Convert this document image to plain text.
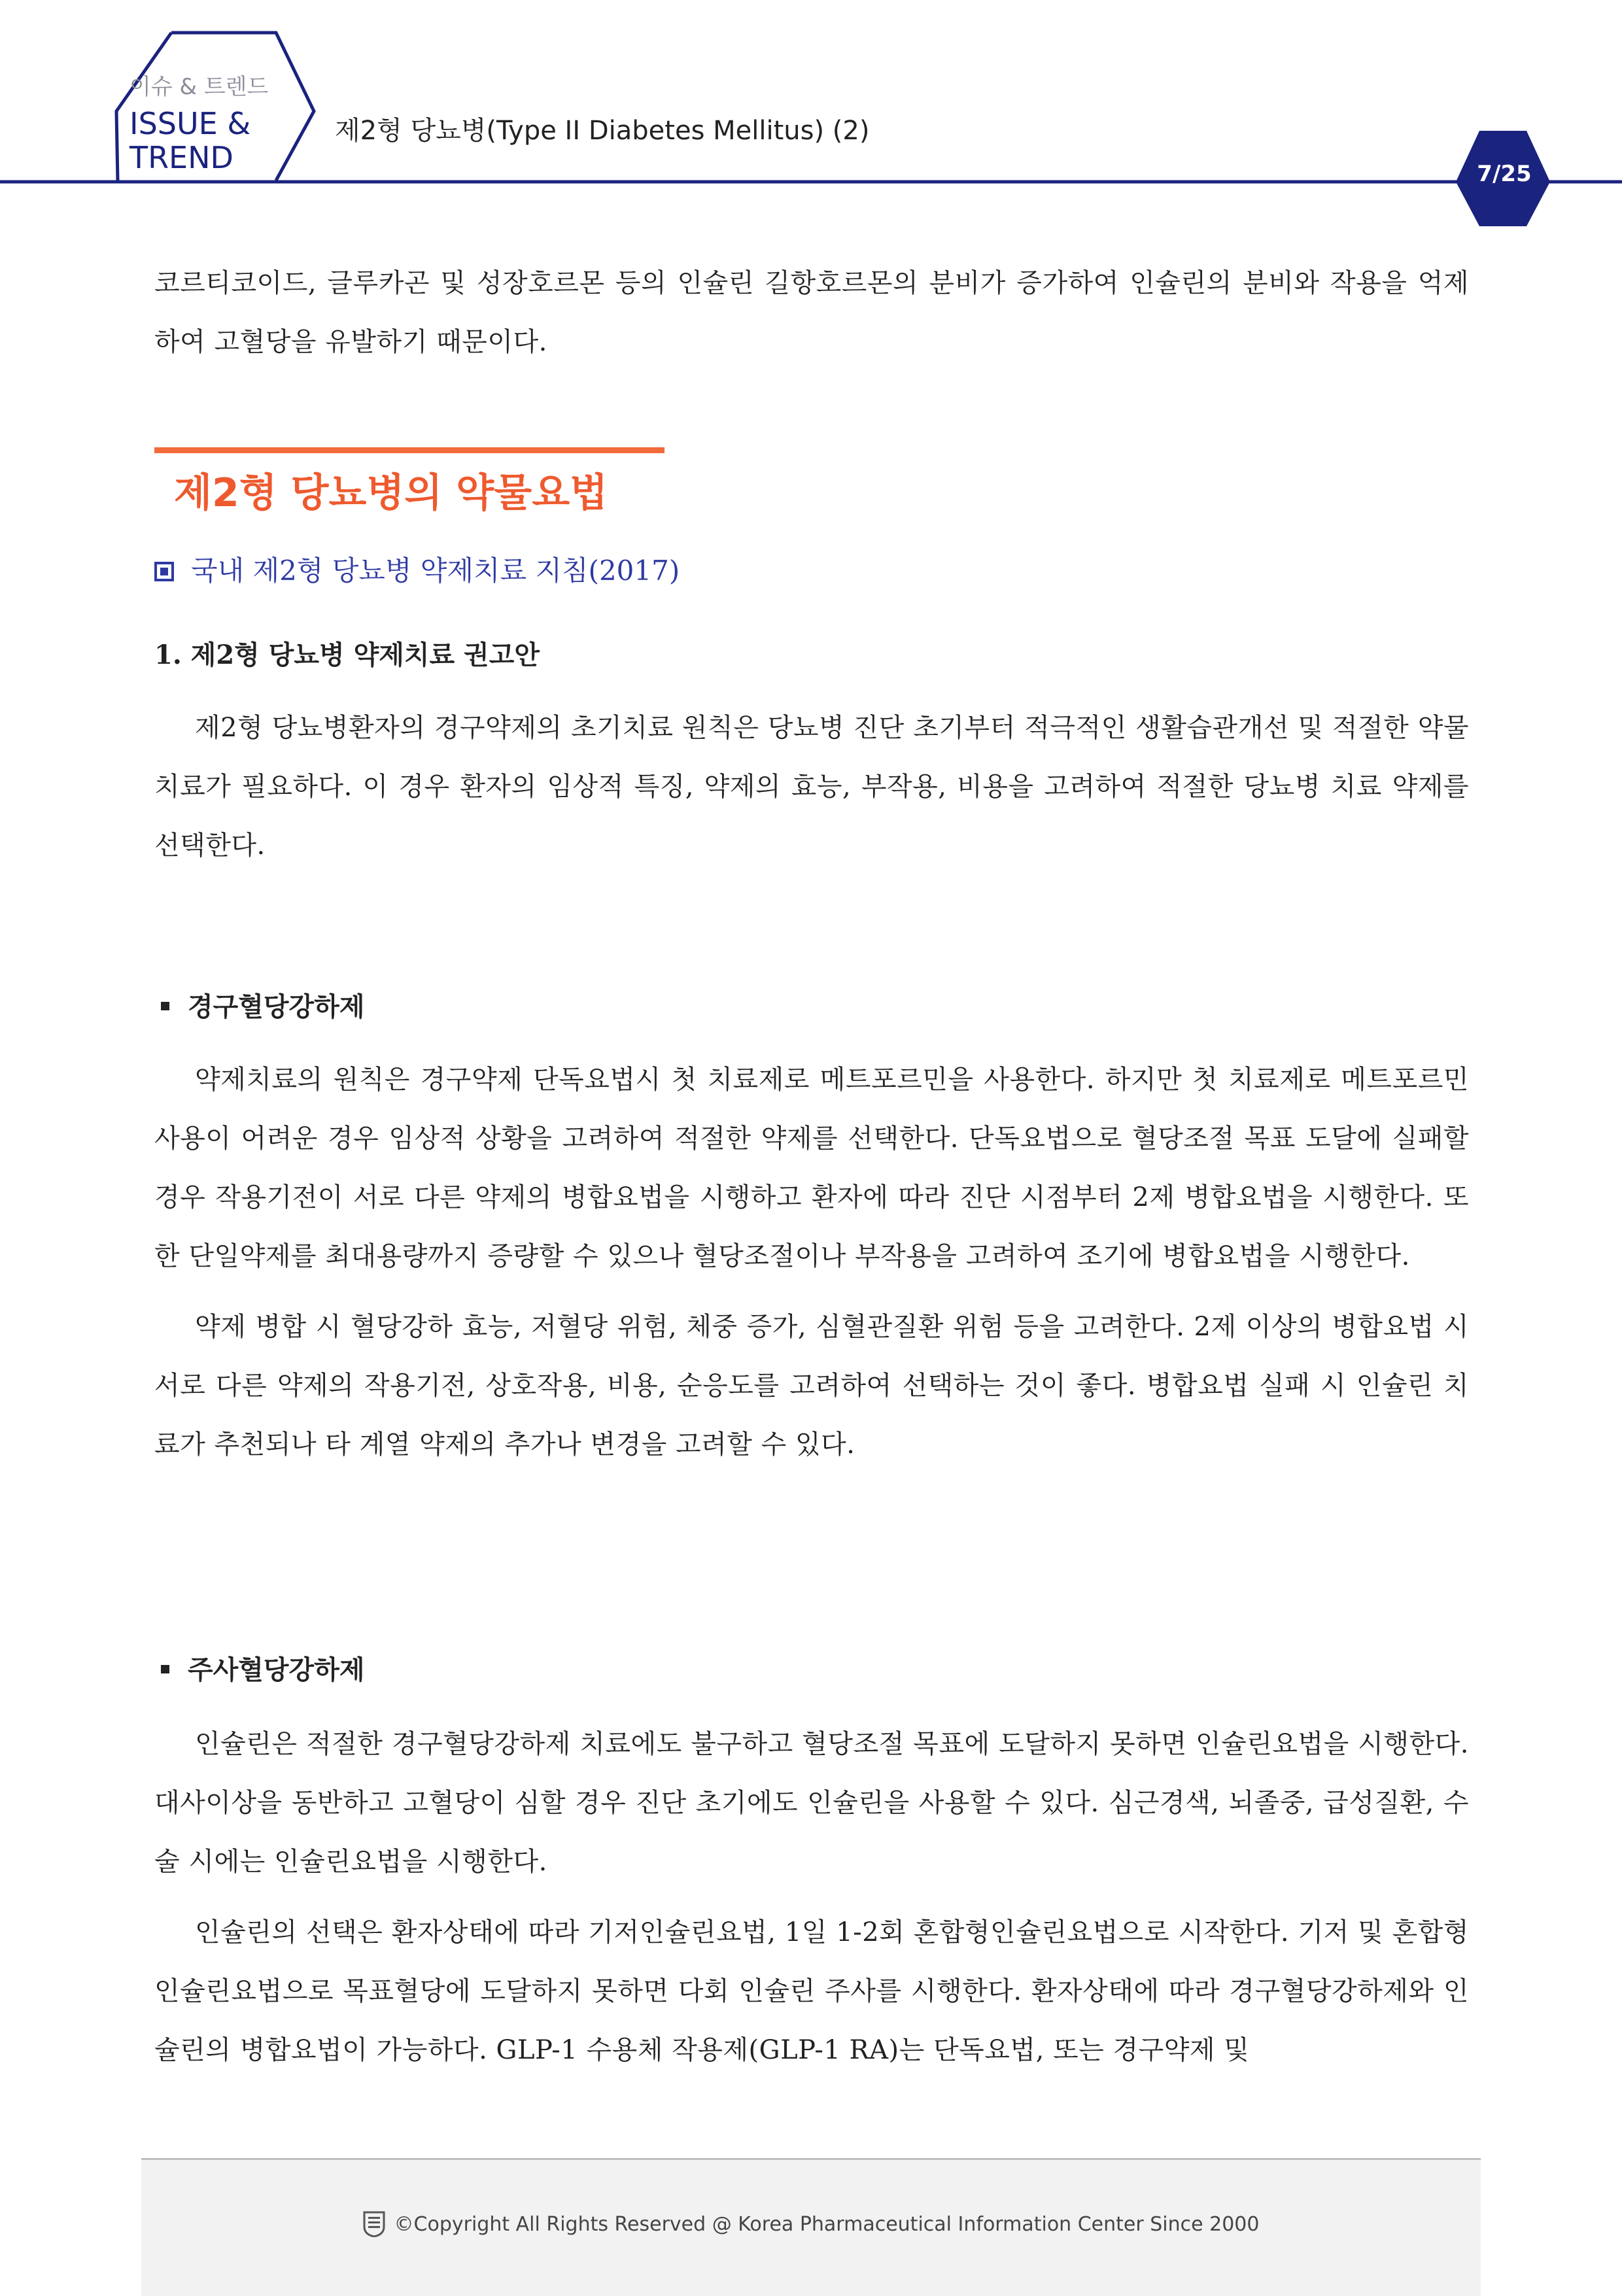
이슈 & 트렌드
ISSUE &
TREND
제2형 당뇨병(Type II Diabetes Mellitus) (2)
7/25

코르티코이드, 글루카곤 및 성장호르몬 등의 인슐린 길항호르몬의 분비가 증가하여 인슐린의 분비와 작용을 억제하여 고혈당을 유발하기 때문이다.

제2형 당뇨병의 약물요법
국내 제2형 당뇨병 약제치료 지침(2017)
1. 제2형 당뇨병 약제치료 권고안

제2형 당뇨병환자의 경구약제의 초기치료 원칙은 당뇨병 진단 초기부터 적극적인 생활습관개선 및 적절한 약물치료가 필요하다. 이 경우 환자의 임상적 특징, 약제의 효능, 부작용, 비용을 고려하여 적절한 당뇨병 치료 약제를 선택한다.

경구혈당강하제

약제치료의 원칙은 경구약제 단독요법시 첫 치료제로 메트포르민을 사용한다. 하지만 첫 치료제로 메트포르민 사용이 어려운 경우 임상적 상황을 고려하여 적절한 약제를 선택한다. 단독요법으로 혈당조절 목표 도달에 실패할 경우 작용기전이 서로 다른 약제의 병합요법을 시행하고 환자에 따라 진단 시점부터 2제 병합요법을 시행한다. 또한 단일약제를 최대용량까지 증량할 수 있으나 혈당조절이나 부작용을 고려하여 조기에 병합요법을 시행한다.

약제 병합 시 혈당강하 효능, 저혈당 위험, 체중 증가, 심혈관질환 위험 등을 고려한다. 2제 이상의 병합요법 시 서로 다른 약제의 작용기전, 상호작용, 비용, 순응도를 고려하여 선택하는 것이 좋다. 병합요법 실패 시 인슐린 치료가 추천되나 타 계열 약제의 추가나 변경을 고려할 수 있다.

주사혈당강하제

인슐린은 적절한 경구혈당강하제 치료에도 불구하고 혈당조절 목표에 도달하지 못하면 인슐린요법을 시행한다. 대사이상을 동반하고 고혈당이 심할 경우 진단 초기에도 인슐린을 사용할 수 있다. 심근경색, 뇌졸중, 급성질환, 수술 시에는 인슐린요법을 시행한다.

인슐린의 선택은 환자상태에 따라 기저인슐린요법, 1일 1-2회 혼합형인슐린요법으로 시작한다. 기저 및 혼합형인슐린요법으로 목표혈당에 도달하지 못하면 다회 인슐린 주사를 시행한다. 환자상태에 따라 경구혈당강하제와 인슐린의 병합요법이 가능하다. GLP-1 수용체 작용제(GLP-1 RA)는 단독요법, 또는 경구약제 및

©Copyright All Rights Reserved @ Korea Pharmaceutical Information Center Since 2000
